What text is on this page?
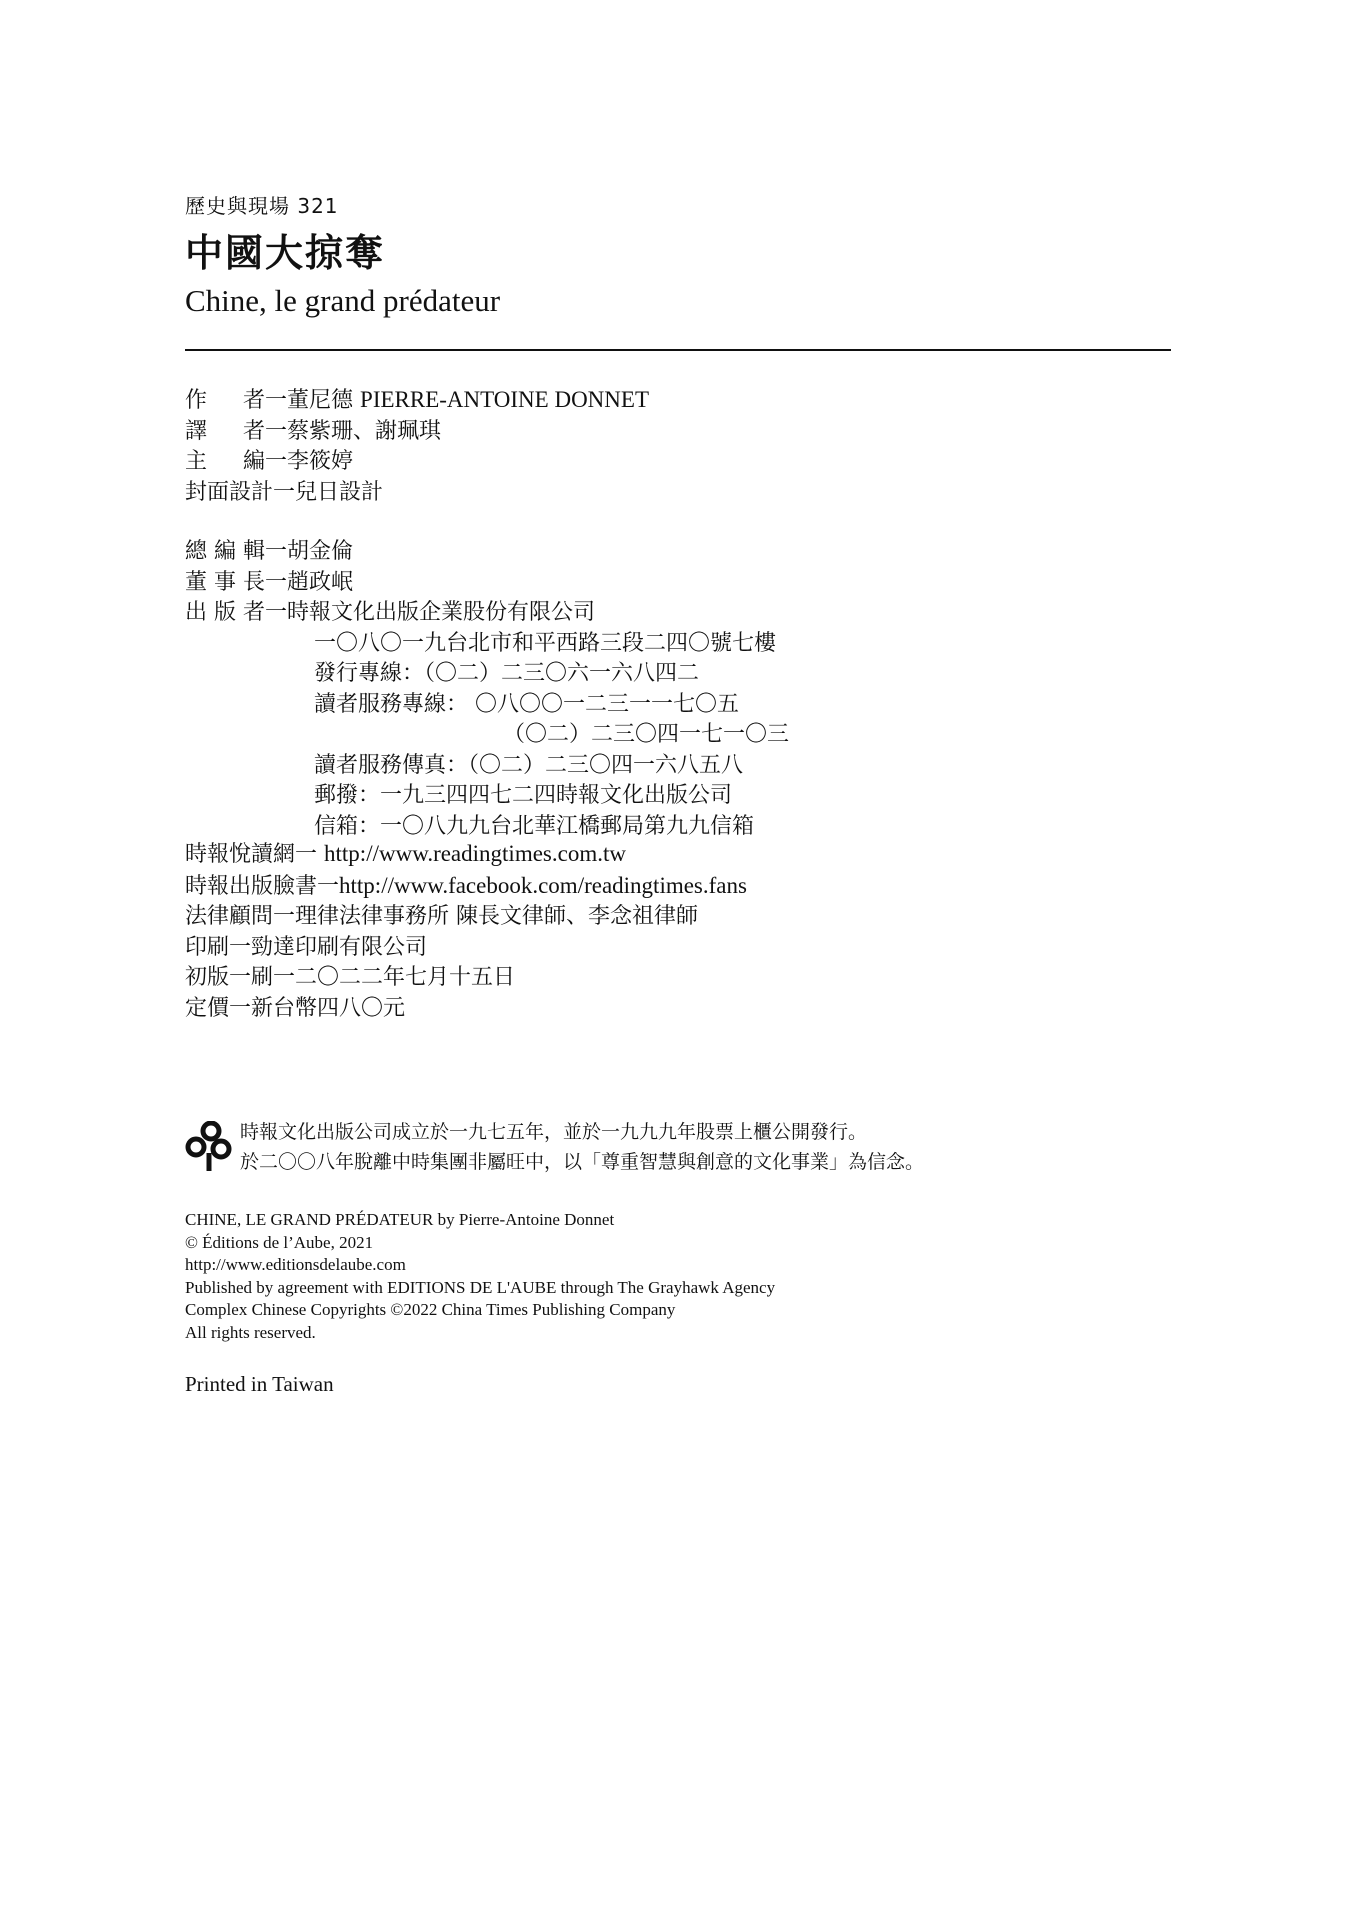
歷史與現場 321
中國大掠奪
Chine, le grand prédateur
作者一董尼德 PIERRE-ANTOINE DONNET
譯者一蔡紫珊、謝珮琪
主編一李筱婷
封面設計一兒日設計
總編輯一胡金倫
董事長一趙政岷
出版者一時報文化出版企業股份有限公司
一〇八〇一九台北市和平西路三段二四〇號七樓
發行專線：（〇二）二三〇六一六八四二
讀者服務專線： 〇八〇〇一二三一一七〇五
（〇二）二三〇四一七一〇三
讀者服務傳真：（〇二）二三〇四一六八五八
郵撥：一九三四四七二四時報文化出版公司
信箱：一〇八九九台北華江橋郵局第九九信箱
時報悅讀網一 http://www.readingtimes.com.tw
時報出版臉書一http://www.facebook.com/readingtimes.fans
法律顧問一理律法律事務所 陳長文律師、李念祖律師
印刷一勁達印刷有限公司
初版一刷一二〇二二年七月十五日
定價一新台幣四八〇元
時報文化出版公司成立於一九七五年，並於一九九九年股票上櫃公開發行。
於二〇〇八年脫離中時集團非屬旺中，以「尊重智慧與創意的文化事業」為信念。
CHINE, LE GRAND PRÉDATEUR by Pierre-Antoine Donnet
© Éditions de l’Aube, 2021
http://www.editionsdelaube.com
Published by agreement with EDITIONS DE L'AUBE through The Grayhawk Agency
Complex Chinese Copyrights ©2022 China Times Publishing Company
All rights reserved.
Printed in Taiwan
